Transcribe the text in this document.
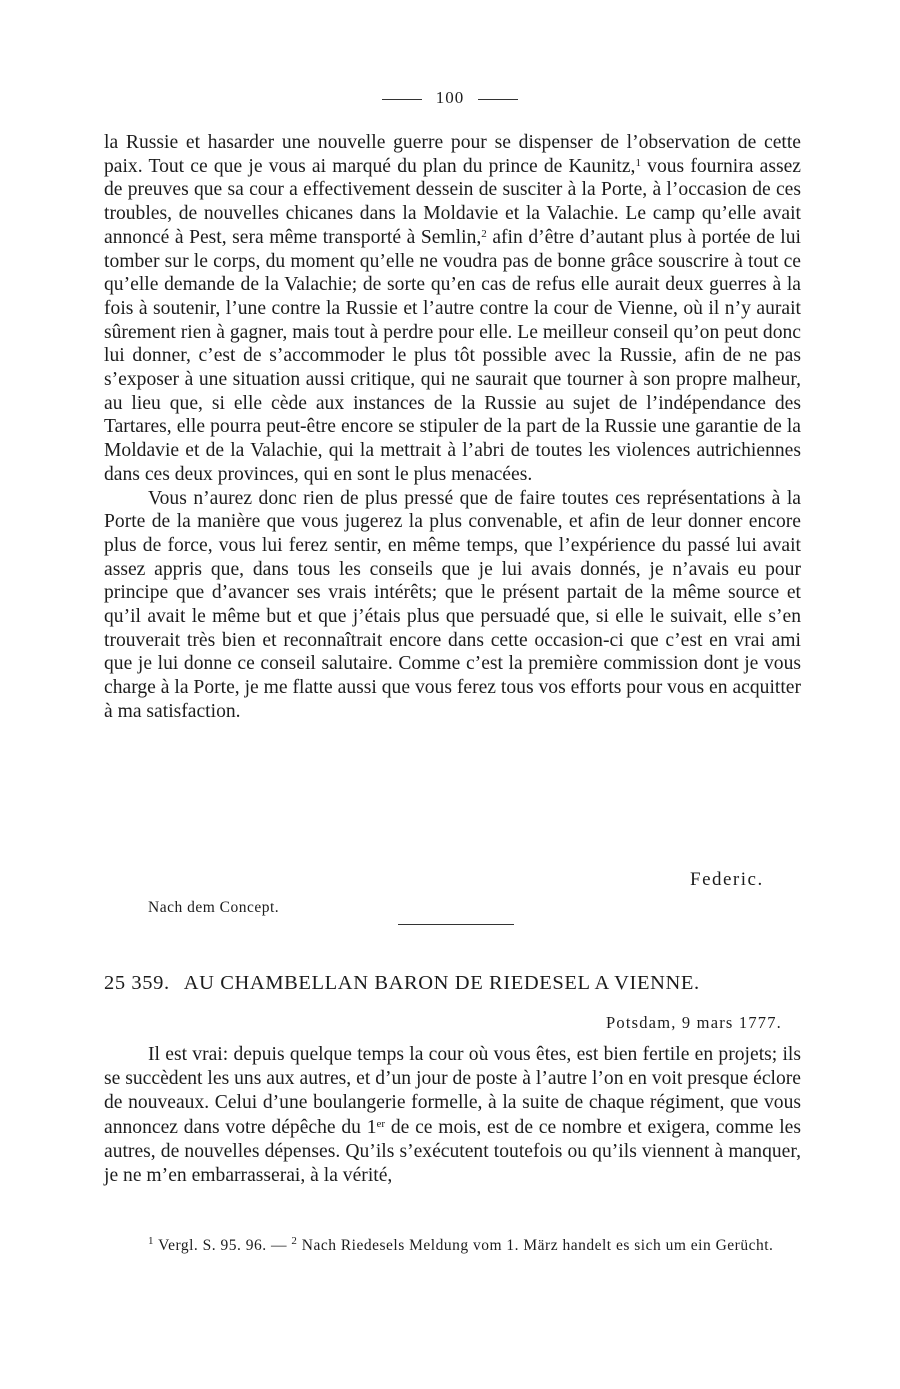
100

la Russie et hasarder une nouvelle guerre pour se dispenser de l’observation de cette paix. Tout ce que je vous ai marqué du plan du prince de Kaunitz,$^1$ vous fournira assez de preuves que sa cour a effectivement dessein de susciter à la Porte, à l’occasion de ces troubles, de nouvelles chicanes dans la Moldavie et la Valachie. Le camp qu’elle avait annoncé à Pest, sera même transporté à Semlin,$^2$ afin d’être d’autant plus à portée de lui tomber sur le corps, du moment qu’elle ne voudra pas de bonne grâce souscrire à tout ce qu’elle demande de la Valachie; de sorte qu’en cas de refus elle aurait deux guerres à la fois à soutenir, l’une contre la Russie et l’autre contre la cour de Vienne, où il n’y aurait sûrement rien à gagner, mais tout à perdre pour elle. Le meilleur conseil qu’on peut donc lui donner, c’est de s’accommoder le plus tôt possible avec la Russie, afin de ne pas s’exposer à une situation aussi critique, qui ne saurait que tourner à son propre malheur, au lieu que, si elle cède aux instances de la Russie au sujet de l’indépendance des Tartares, elle pourra peut-être encore se stipuler de la part de la Russie une garantie de la Moldavie et de la Valachie, qui la mettrait à l’abri de toutes les violences autrichiennes dans ces deux provinces, qui en sont le plus menacées.

Vous n’aurez donc rien de plus pressé que de faire toutes ces représentations à la Porte de la manière que vous jugerez la plus convenable, et afin de leur donner encore plus de force, vous lui ferez sentir, en même temps, que l’expérience du passé lui avait assez appris que, dans tous les conseils que je lui avais donnés, je n’avais eu pour principe que d’avancer ses vrais intérêts; que le présent partait de la même source et qu’il avait le même but et que j’étais plus que persuadé que, si elle le suivait, elle s’en trouverait très bien et reconnaîtrait encore dans cette occasion-ci que c’est en vrai ami que je lui donne ce conseil salutaire. Comme c’est la première commission dont je vous charge à la Porte, je me flatte aussi que vous ferez tous vos efforts pour vous en acquitter à ma satisfaction.

Federic.
Nach dem Concept.
25 359. AU CHAMBELLAN BARON DE RIEDESEL A VIENNE.
Potsdam, 9 mars 1777.

Il est vrai: depuis quelque temps la cour où vous êtes, est bien fertile en projets; ils se succèdent les uns aux autres, et d’un jour de poste à l’autre l’on en voit presque éclore de nouveaux. Celui d’une boulangerie formelle, à la suite de chaque régiment, que vous annoncez dans votre dépêche du 1er de ce mois, est de ce nombre et exigera, comme les autres, de nouvelles dépenses. Qu’ils s’exécutent toutefois ou qu’ils viennent à manquer, je ne m’en embarrasserai, à la vérité,

$^1$ Vergl. S. 95. 96. — $^2$ Nach Riedesels Meldung vom 1. März handelt es sich um ein Gerücht.
